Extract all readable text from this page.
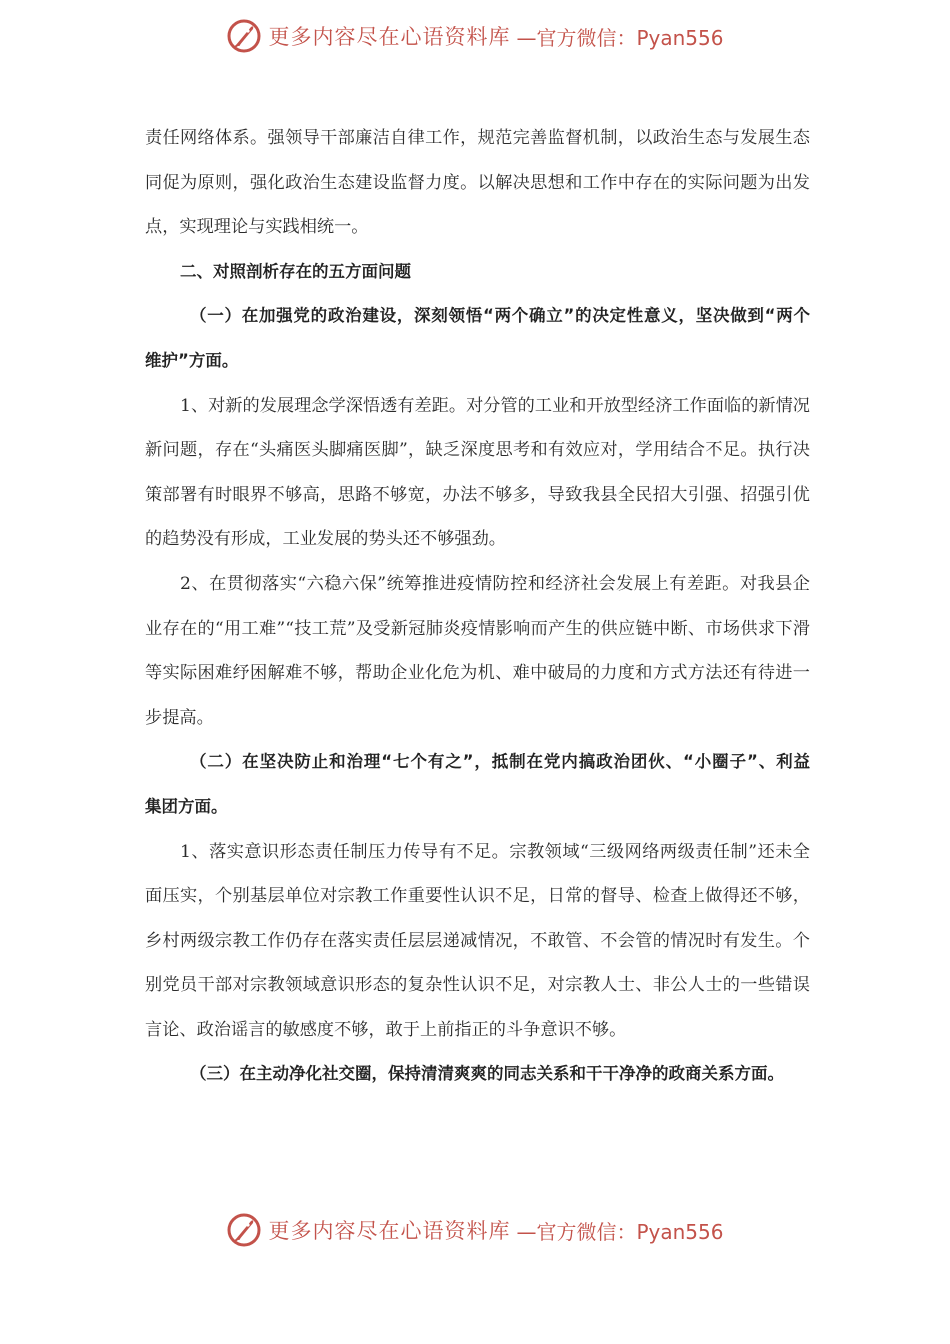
更多内容尽在心语资料库 —官方微信：Pyan556

责任网络体系。强领导干部廉洁自律工作，规范完善监督机制，以政治生态与发展生态同促为原则，强化政治生态建设监督力度。以解决思想和工作中存在的实际问题为出发点，实现理论与实践相统一。

二、对照剖析存在的五方面问题

（一）在加强党的政治建设，深刻领悟“两个确立”的决定性意义，坚决做到“两个　维护”方面。

1、对新的发展理念学深悟透有差距。对分管的工业和开放型经济工作面临的新情况新问题，存在“头痛医头脚痛医脚”，缺乏深度思考和有效应对，学用结合不足。执行决策部署有时眼界不够高，思路不够宽，办法不够多，导致我县全民招大引强、招强引优的趋势没有形成，工业发展的势头还不够强劲。

2、在贯彻落实“六稳六保”统筹推进疫情防控和经济社会发展上有差距。对我县企业存在的“用工难”“技工荒”及受新冠肺炎疫情影响而产生的供应链中断、市场供求下滑等实际困难纾困解难不够，帮助企业化危为机、难中破局的力度和方式方法还有待进一步提高。

（二）在坚决防止和治理“七个有之”，抵制在党内搞政治团伙、“小圈子”、利益　集团方面。

1、落实意识形态责任制压力传导有不足。宗教领域“三级网络两级责任制”还未全面压实，个别基层单位对宗教工作重要性认识不足，日常的督导、检查上做得还不够，乡村两级宗教工作仍存在落实责任层层递减情况，不敢管、不会管的情况时有发生。个别党员干部对宗教领域意识形态的复杂性认识不足，对宗教人士、非公人士的一些错误言论、政治谣言的敏感度不够，敢于上前指正的斗争意识不够。

（三）在主动净化社交圈，保持清清爽爽的同志关系和干干净净的政商关系方面。

更多内容尽在心语资料库 —官方微信：Pyan556
